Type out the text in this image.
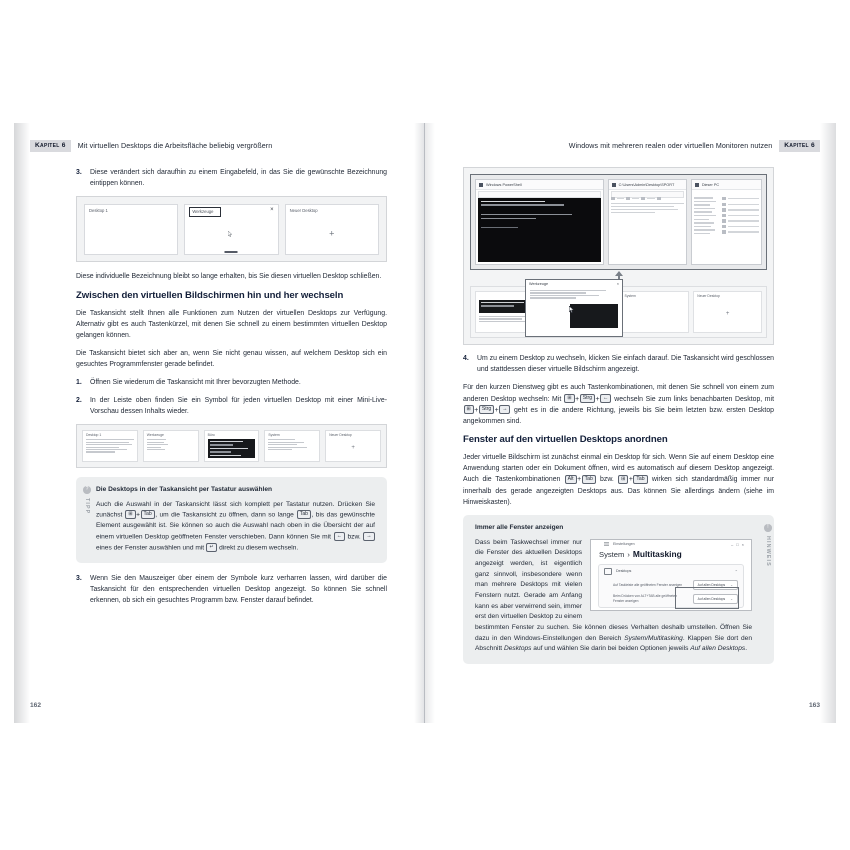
Kapitel 6	Mit virtuellen Desktops die Arbeitsfläche beliebig vergrößern
3. Diese verändert sich daraufhin zu einem Eingabefeld, in das Sie die gewünschte Bezeichnung eintippen können.
Desktop 1	Werkzeuge	×	Neuer Desktop
+

Diese individuelle Bezeichnung bleibt so lange erhalten, bis Sie diesen virtuellen Desktop schließen.

Zwischen den virtuellen Bildschirmen hin und her wechseln

Die Taskansicht stellt Ihnen alle Funktionen zum Nutzen der virtuellen Desktops zur Verfügung. Alternativ gibt es auch Tastenkürzel, mit denen Sie schnell zu einem bestimmten virtuellen Desktop gelangen können.

Die Taskansicht bietet sich aber an, wenn Sie nicht genau wissen, auf welchem Desktop sich ein gesuchtes Programmfenster gerade befindet.

1. Öffnen Sie wiederum die Taskansicht mit Ihrer bevorzugten Methode.
2. In der Leiste oben finden Sie ein Symbol für jeden virtuellen Desktop mit einer Mini-Live-Vorschau dessen Inhalts wieder.
Desktop 1	Werkzeuge	Büro	System	Neuer Desktop
+
?
TIPP

Die Desktops in der Taskansicht per Tastatur auswählen

Auch die Auswahl in der Taskansicht lässt sich komplett per Tastatur nutzen. Drücken Sie zunächst ⊞ + Tab , um die Taskansicht zu öffnen, dann so lange Tab , bis das gewünschte Element ausgewählt ist. Sie können so auch die Auswahl nach oben in die Übersicht der auf einem virtuellen Desktop geöffneten Fenster verschieben. Dann können Sie mit ← bzw. → eines der Fenster auswählen und mit ↵ direkt zu diesem wechseln.

3. Wenn Sie den Mauszeiger über einem der Symbole kurz verharren lassen, wird darüber die Taskansicht für den entsprechenden virtuellen Desktop angezeigt. So können Sie schnell erkennen, ob sich ein gesuchtes Programm bzw. Fenster darauf befindet.
162
Windows mit mehreren realen oder virtuellen Monitoren nutzen	Kapitel 6
Windows PowerShell	C:\Users\Admin\Desktop\SPORT	Dieser PC
System	Neuer Desktop
+
Werkzeuge	×
4. Um zu einem Desktop zu wechseln, klicken Sie einfach darauf. Die Taskansicht wird geschlossen und stattdessen dieser virtuelle Bildschirm angezeigt.

Für den kurzen Dienstweg gibt es auch Tastenkombinationen, mit denen Sie schnell von einem zum anderen Desktop wechseln: Mit ⊞ + Strg + ← wechseln Sie zum links benachbarten Desktop, mit ⊞ + Strg + → geht es in die andere Richtung, jeweils bis Sie beim letzten bzw. ersten Desktop angekommen sind.

Fenster auf den virtuellen Desktops anordnen

Jeder virtuelle Bildschirm ist zunächst einmal ein Desktop für sich. Wenn Sie auf einem Desktop eine Anwendung starten oder ein Dokument öffnen, wird es automatisch auf diesem Desktop angezeigt. Auch die Tastenkombinationen Alt + Tab bzw. ⊞ + Tab wirken sich standardmäßig immer nur innerhalb des gerade angezeigten Desktops aus. Das können Sie allerdings ändern (siehe im Hinweiskasten).

!
HINWEIS

Immer alle Fenster anzeigen

Einstellungen	–□×
System › Multitasking
Desktops	⌃
Auf Taskleiste alle geöffneten Fenster anzeigen	Auf allen Desktops ⌄
Beim Drücken von ALT+TAB alle geöffneten Fenster anzeigen	Auf allen Desktops ⌄

Dass beim Taskwechsel immer nur die Fenster des aktuellen Desktops angezeigt werden, ist eigentlich ganz sinnvoll, insbesondere wenn man mehrere Desktops mit vielen Fenstern nutzt. Gerade am Anfang kann es aber verwirrend sein, immer erst den virtuellen Desktop zu einem bestimmten Fenster zu suchen. Sie können dieses Verhalten deshalb umstellen. Öffnen Sie dazu in den Windows-Einstellungen den Bereich System/Multitasking. Klappen Sie dort den Abschnitt Desktops auf und wählen Sie darin bei beiden Optionen jeweils Auf allen Desktops.

163
